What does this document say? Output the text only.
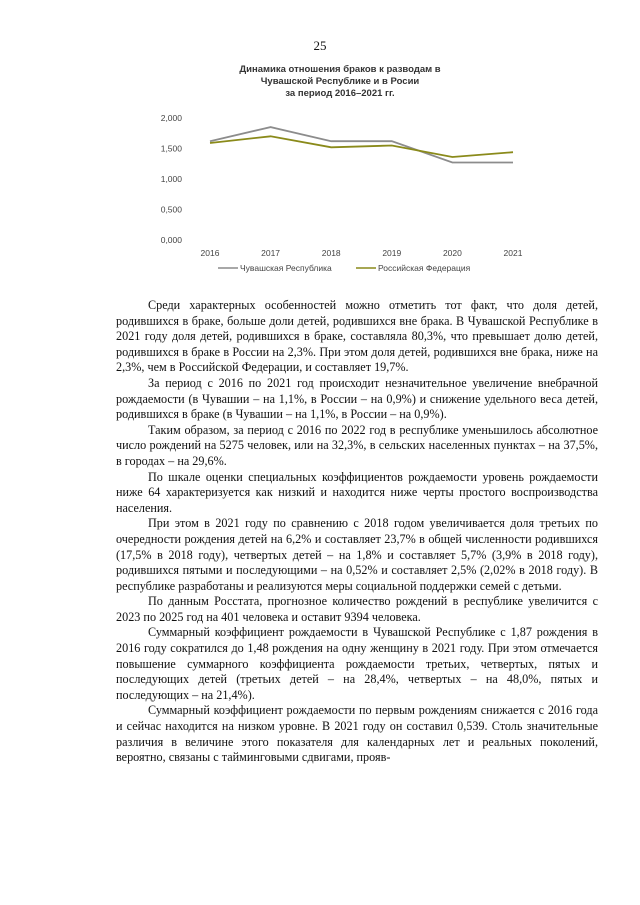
25
Динамика отношения браков к разводам в
Чувашской Республике и в Росии
за период 2016–2021 гг.
0,000
0,500
1,000
1,500
2,000
2016	2017	2018	2019	2020	2021
Чувашская Республика	Российская Федерация

Среди характерных особенностей можно отметить тот факт, что доля детей, родившихся в браке, больше доли детей, родившихся вне брака. В Чувашской Республике в 2021 году доля детей, родившихся в браке, составляла 80,3%, что превышает долю детей, родившихся в браке в России на 2,3%. При этом доля детей, родившихся вне брака, ниже на 2,3%, чем в Российской Федерации, и составляет 19,7%.

За период с 2016 по 2021 год происходит незначительное увеличение внебрачной рождаемости (в Чувашии – на 1,1%, в России – на 0,9%) и снижение удельного веса детей, родившихся в браке (в Чувашии – на 1,1%, в России – на 0,9%).

Таким образом, за период с 2016 по 2022 год в республике уменьшилось абсолютное число рождений на 5275 человек, или на 32,3%, в сельских населенных пунктах – на 37,5%, в городах – на 29,6%.

По шкале оценки специальных коэффициентов рождаемости уровень рождаемости ниже 64 характеризуется как низкий и находится ниже черты простого воспроизводства населения.

При этом в 2021 году по сравнению с 2018 годом увеличивается доля третьих по очередности рождения детей на 6,2% и составляет 23,7% в общей численности родившихся (17,5% в 2018 году), четвертых детей – на 1,8% и составляет 5,7% (3,9% в 2018 году), родившихся пятыми и последующими – на 0,52% и составляет 2,5% (2,02% в 2018 году). В республике разработаны и реализуются меры социальной поддержки семей с детьми.

По данным Росстата, прогнозное количество рождений в республике увеличится с 2023 по 2025 год на 401 человека и оставит 9394 человека.

Суммарный коэффициент рождаемости в Чувашской Республике с 1,87 рождения в 2016 году сократился до 1,48 рождения на одну женщину в 2021 году. При этом отмечается повышение суммарного коэффициента рождаемости третьих, четвертых, пятых и последующих детей (третьих детей – на 28,4%, четвертых – на 48,0%, пятых и последующих – на 21,4%).

Суммарный коэффициент рождаемости по первым рождениям снижается с 2016 года и сейчас находится на низком уровне. В 2021 году он составил 0,539. Столь значительные различия в величине этого показателя для календарных лет и реальных поколений, вероятно, связаны с тайминговыми сдвигами, прояв-
